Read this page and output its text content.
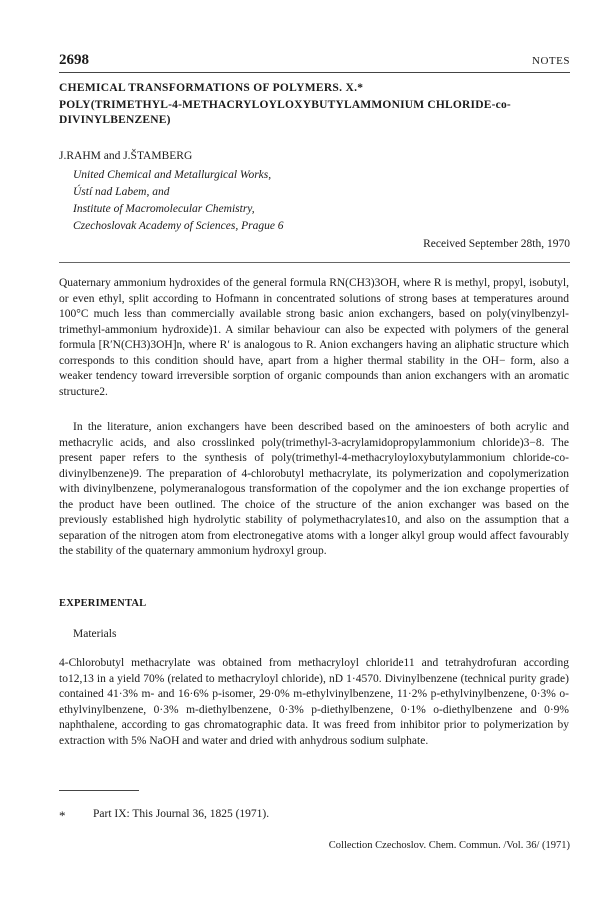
2698	NOTES
CHEMICAL TRANSFORMATIONS OF POLYMERS. X.*
POLY(TRIMETHYL-4-METHACRYLOYLOXYBUTYLAMMONIUM CHLORIDE-co-DIVINYLBENZENE)
J.RAHM and J.ŠTAMBERG
United Chemical and Metallurgical Works,
Ústí nad Labem, and
Institute of Macromolecular Chemistry,
Czechoslovak Academy of Sciences, Prague 6
Received September 28th, 1970

Quaternary ammonium hydroxides of the general formula RN(CH3)3OH, where R is methyl, propyl, isobutyl, or even ethyl, split according to Hofmann in concentrated solutions of strong bases at temperatures around 100°C much less than commercially available strong basic anion exchangers, based on poly(vinylbenzyl-trimethyl-ammonium hydroxide)1. A similar behaviour can also be expected with polymers of the general formula [R′N(CH3)3OH]n, where R′ is analogous to R. Anion exchangers having an aliphatic structure which corresponds to this condition should have, apart from a higher thermal stability in the OH− form, also a weaker tendency toward irreversible sorption of organic compounds than anion exchangers with an aromatic structure2.

In the literature, anion exchangers have been described based on the aminoesters of both acrylic and methacrylic acids, and also crosslinked poly(trimethyl-3-acrylamidopropylammonium chloride)3−8. The present paper refers to the synthesis of poly(trimethyl-4-methacryloyloxybutylammonium chloride-co-divinylbenzene)9. The preparation of 4-chlorobutyl methacrylate, its polymerization and copolymerization with divinylbenzene, polymeranalogous transformation of the copolymer and the ion exchange properties of the product have been outlined. The choice of the structure of the anion exchanger was based on the previously established high hydrolytic stability of polymethacrylates10, and also on the assumption that a separation of the nitrogen atom from electronegative atoms with a longer alkyl group would affect favourably the stability of the quaternary ammonium hydroxyl group.

EXPERIMENTAL
Materials

4-Chlorobutyl methacrylate was obtained from methacryloyl chloride11 and tetrahydrofuran according to12,13 in a yield 70% (related to methacryloyl chloride), nD 1·4570. Divinylbenzene (technical purity grade) contained 41·3% m- and 16·6% p-isomer, 29·0% m-ethylvinylbenzene, 11·2% p-ethylvinylbenzene, 0·3% o-ethylvinylbenzene, 0·3% m-diethylbenzene, 0·3% p-diethylbenzene, 0·1% o-diethylbenzene and 0·9% naphthalene, according to gas chromatographic data. It was freed from inhibitor prior to polymerization by extraction with 5% NaOH and water and dried with anhydrous sodium sulphate.

* Part IX: This Journal 36, 1825 (1971).
Collection Czechoslov. Chem. Commun. /Vol. 36/ (1971)
